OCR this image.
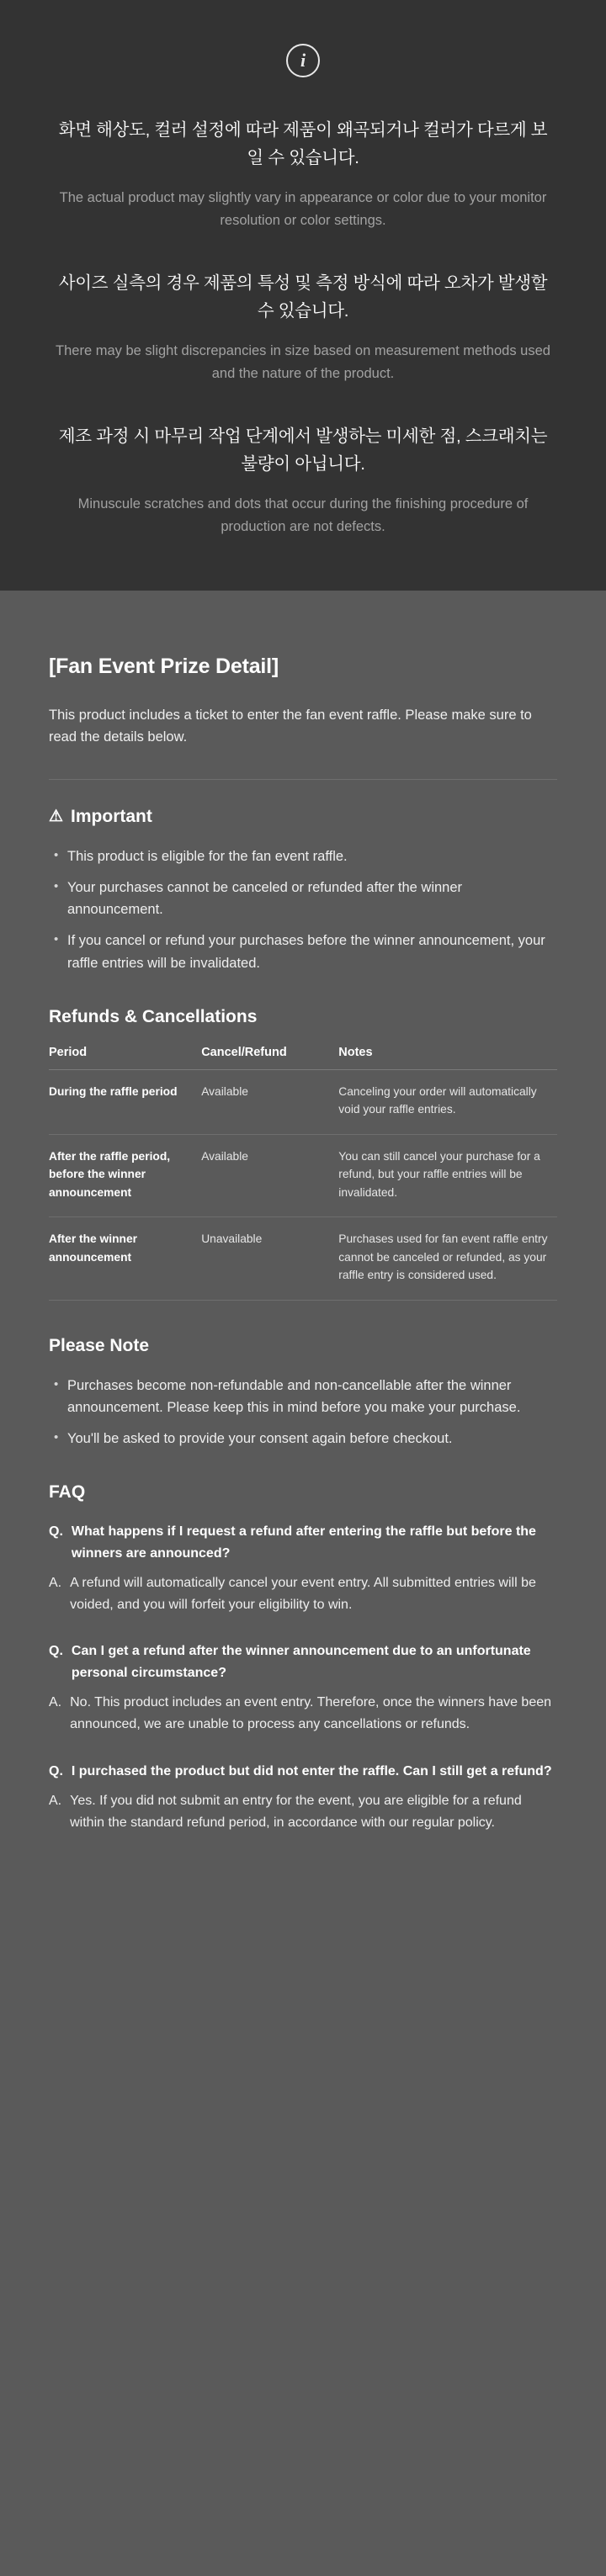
i

화면 해상도, 컬러 설정에 따라 제품이 왜곡되거나 컬러가 다르게 보일 수 있습니다.

The actual product may slightly vary in appearance or color due to your monitor resolution or color settings.

사이즈 실측의 경우 제품의 특성 및 측정 방식에 따라 오차가 발생할 수 있습니다.

There may be slight discrepancies in size based on measurement methods used and the nature of the product.

제조 과정 시 마무리 작업 단계에서 발생하는 미세한 점, 스크래치는 불량이 아닙니다.

Minuscule scratches and dots that occur during the finishing procedure of production are not defects.

[Fan Event Prize Detail]

This product includes a ticket to enter the fan event raffle. Please make sure to read the details below.

⚠ Important
• This product is eligible for the fan event raffle.
• Your purchases cannot be canceled or refunded after the winner announcement.
• If you cancel or refund your purchases before the winner announcement, your raffle entries will be invalidated.
Refunds & Cancellations
Period	Cancel/Refund	Notes
During the raffle period	Available	Canceling your order will automatically void your raffle entries.
After the raffle period, before the winner announcement	Available	You can still cancel your purchase for a refund, but your raffle entries will be invalidated.
After the winner announcement	Unavailable	Purchases used for fan event raffle entry cannot be canceled or refunded, as your raffle entry is considered used.
Please Note
• Purchases become non-refundable and non-cancellable after the winner announcement. Please keep this in mind before you make your purchase.
• You'll be asked to provide your consent again before checkout.
FAQ
Q. What happens if I request a refund after entering the raffle but before the winners are announced?

A. A refund will automatically cancel your event entry. All submitted entries will be voided, and you will forfeit your eligibility to win.

Q. Can I get a refund after the winner announcement due to an unfortunate personal circumstance?

A. No. This product includes an event entry. Therefore, once the winners have been announced, we are unable to process any cancellations or refunds.

Q. I purchased the product but did not enter the raffle. Can I still get a refund?

A. Yes. If you did not submit an entry for the event, you are eligible for a refund within the standard refund period, in accordance with our regular policy.
